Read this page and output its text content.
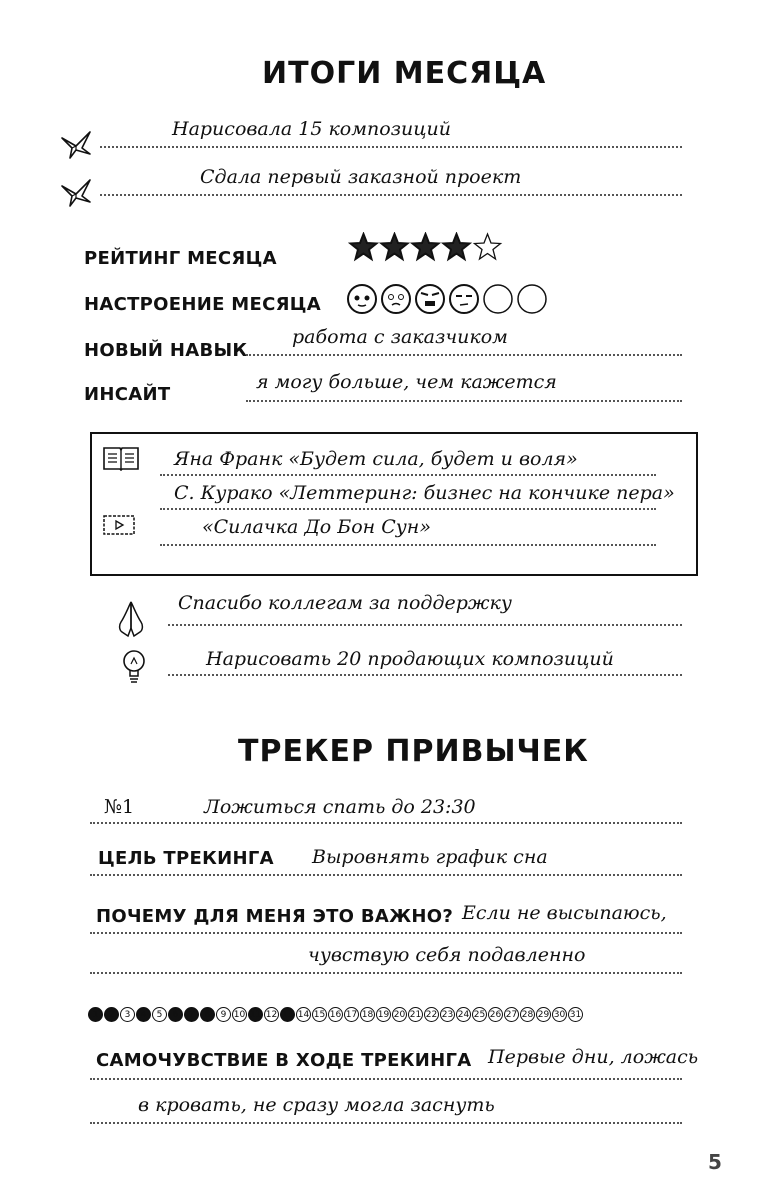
ИТОГИ МЕСЯЦА
Нарисовала 15 композиций
Сдала первый заказной проект
РЕЙТИНГ МЕСЯЦА
НАСТРОЕНИЕ МЕСЯЦА
НОВЫЙ НАВЫК
работа с заказчиком
ИНСАЙТ
я могу больше, чем кажется
Яна Франк «Будет сила, будет и воля»
С. Курако «Леттеринг: бизнес на кончике пера»
«Силачка До Бон Сун»
Спасибо коллегам за поддержку
Нарисовать 20 продающих композиций
ТРЕКЕР ПРИВЫЧЕК
№1	Ложиться спать до 23:30
ЦЕЛЬ ТРЕКИНГА Выровнять график сна
ПОЧЕМУ ДЛЯ МЕНЯ ЭТО ВАЖНО? Если не высыпаюсь,
чувствую себя подавленно
1	2	3	4	5	6	7	8	9 10 11 12 13 14 15 16 17 18 19 20 21 22 23 24 25 26 27 28 29 30 31
САМОЧУВСТВИЕ В ХОДЕ ТРЕКИНГА Первые дни, ложась
в кровать, не сразу могла заснуть
5
